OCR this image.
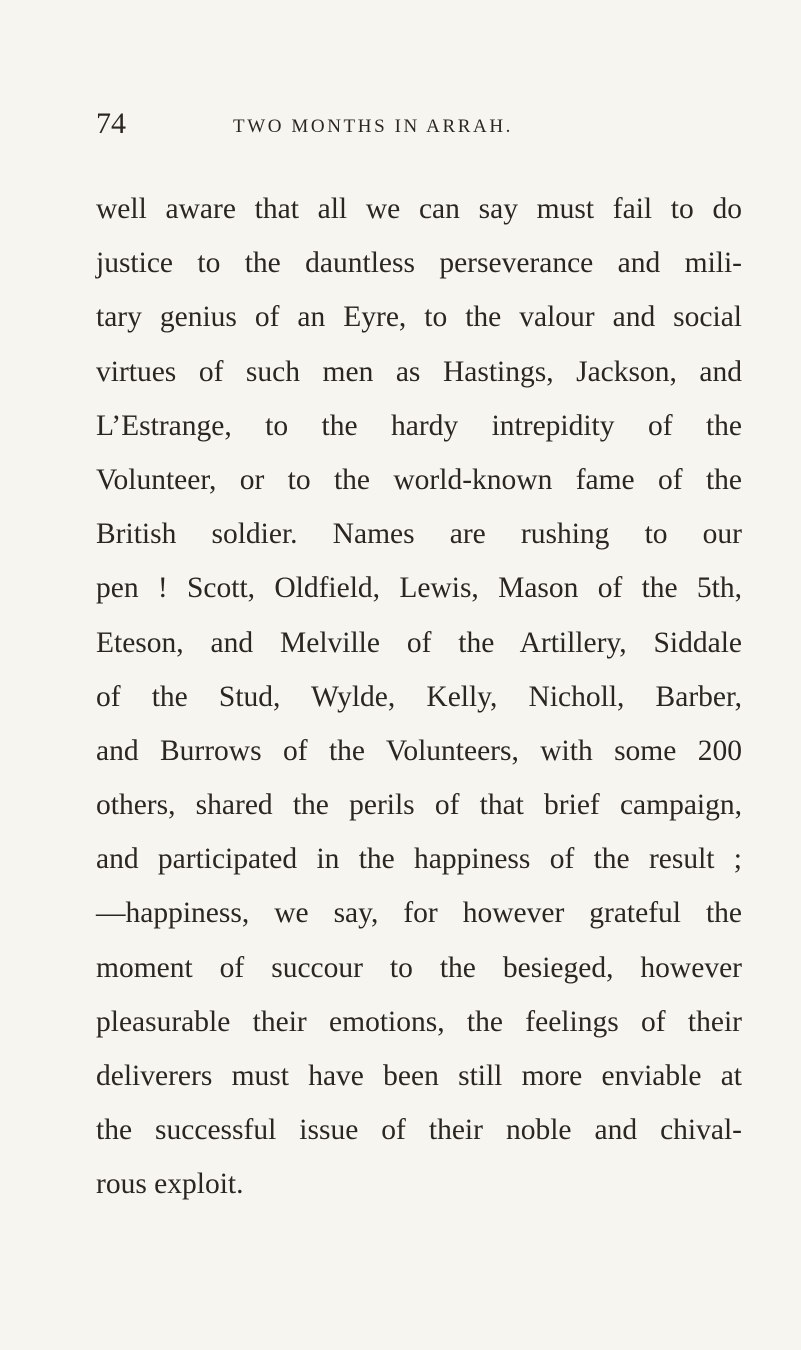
74	TWO MONTHS IN ARRAH.
well aware that all we can say must fail to do
justice to the dauntless perseverance and mili-
tary genius of an Eyre, to the valour and social
virtues of such men as Hastings, Jackson, and
L’Estrange, to the hardy intrepidity of the
Volunteer, or to the world-known fame of the
British soldier. Names are rushing to our
pen ! Scott, Oldfield, Lewis, Mason of the 5th,
Eteson, and Melville of the Artillery, Siddale
of the Stud, Wylde, Kelly, Nicholl, Barber,
and Burrows of the Volunteers, with some 200
others, shared the perils of that brief campaign,
and participated in the happiness of the result ;
—happiness, we say, for however grateful the
moment of succour to the besieged, however
pleasurable their emotions, the feelings of their
deliverers must have been still more enviable at
the successful issue of their noble and chival-
rous exploit.
